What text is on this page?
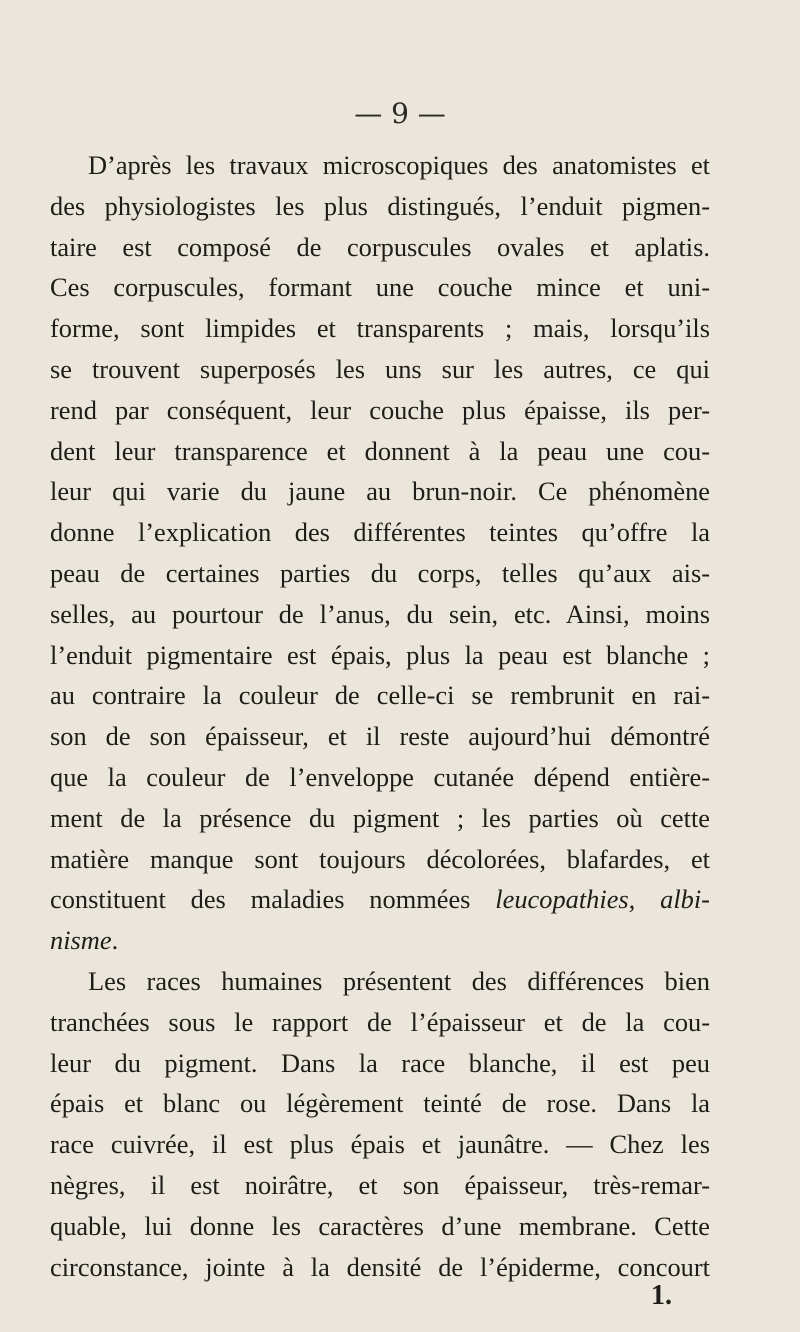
— 9 —
D’après les travaux microscopiques des anatomistes et
des physiologistes les plus distingués, l’enduit pigmen-
taire est composé de corpuscules ovales et aplatis.
Ces corpuscules, formant une couche mince et uni-
forme, sont limpides et transparents ; mais, lorsqu’ils
se trouvent superposés les uns sur les autres, ce qui
rend par conséquent, leur couche plus épaisse, ils per-
dent leur transparence et donnent à la peau une cou-
leur qui varie du jaune au brun-noir. Ce phénomène
donne l’explication des différentes teintes qu’offre la
peau de certaines parties du corps, telles qu’aux ais-
selles, au pourtour de l’anus, du sein, etc. Ainsi, moins
l’enduit pigmentaire est épais, plus la peau est blanche ;
au contraire la couleur de celle-ci se rembrunit en rai-
son de son épaisseur, et il reste aujourd’hui démontré
que la couleur de l’enveloppe cutanée dépend entière-
ment de la présence du pigment ; les parties où cette
matière manque sont toujours décolorées, blafardes, et
constituent des maladies nommées leucopathies, albi-
nisme.
Les races humaines présentent des différences bien
tranchées sous le rapport de l’épaisseur et de la cou-
leur du pigment. Dans la race blanche, il est peu
épais et blanc ou légèrement teinté de rose. Dans la
race cuivrée, il est plus épais et jaunâtre. — Chez les
nègres, il est noirâtre, et son épaisseur, très-remar-
quable, lui donne les caractères d’une membrane. Cette
circonstance, jointe à la densité de l’épiderme, concourt
1.
